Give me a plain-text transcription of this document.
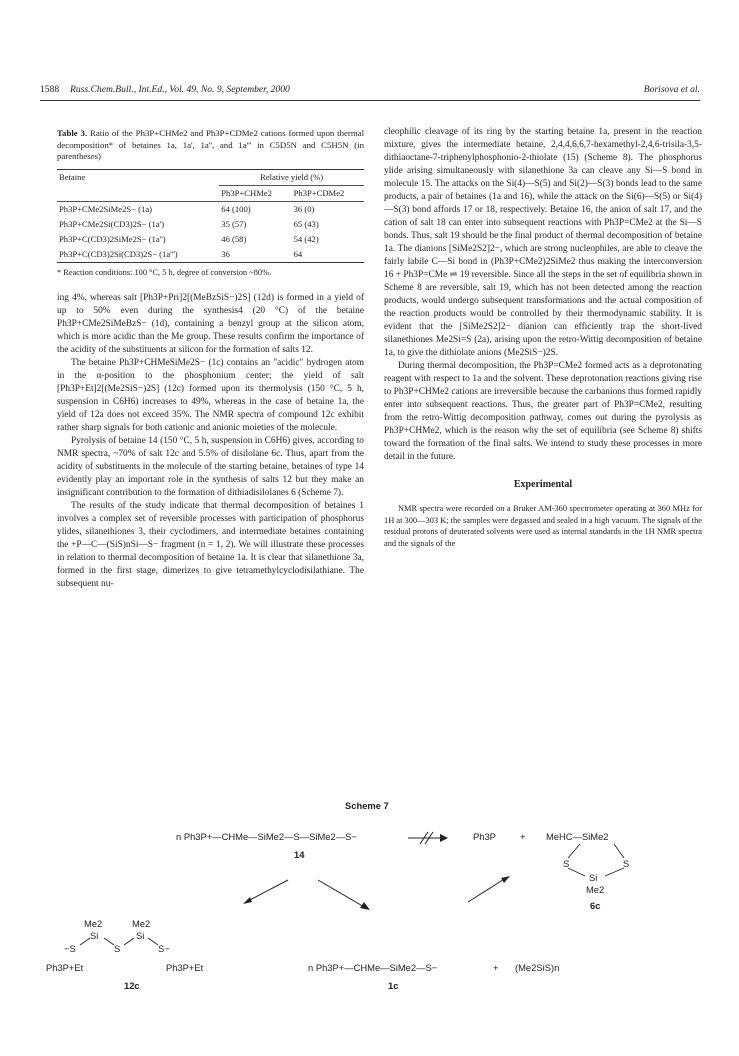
1588 Russ.Chem.Bull., Int.Ed., Vol. 49, No. 9, September, 2000	Borisova et al.
Table 3. Ratio of the Ph3P+CHMe2 and Ph3P+CDMe2 cations formed upon thermal decomposition* of betaines 1a, 1a', 1a'', and 1a''' in C5D5N and C5H5N (in parentheses)
Betaine	Relative yield (%)	
	Ph3P+CHMe2	Ph3P+CDMe2
Ph3P+CMe2SiMe2S− (1a)	64 (100)	36 (0)
Ph3P+CMe2Si(CD3)2S− (1a')	35 (57)	65 (43)
Ph3P+C(CD3)2SiMe2S− (1a'')	46 (58)	54 (42)
Ph3P+C(CD3)2Si(CD3)2S− (1a''')	36	64
* Reaction conditions: 100 °C, 5 h, degree of conversion ~80%.

ing 4%, whereas salt [Ph3P+Pri]2[(MeBzSiS−)2S] (12d) is formed in a yield of up to 50% even during the synthesis4 (20 °C) of the betaine Ph3P+CMe2SiMeBzS− (1d), containing a benzyl group at the silicon atom, which is more acidic than the Me group. These results confirm the importance of the acidity of the substituents at silicon for the formation of salts 12.

The betaine Ph3P+CHMeSiMe2S− (1c) contains an "acidic" hydrogen atom in the α-position to the phosphonium center; the yield of salt [Ph3P+Et]2[(Me2SiS−)2S] (12c) formed upon its thermolysis (150 °C, 5 h, suspension in C6H6) increases to 49%, whereas in the case of betaine 1a, the yield of 12a does not exceed 35%. The NMR spectra of compound 12c exhibit rather sharp signals for both cationic and anionic moieties of the molecule.

Pyrolysis of betaine 14 (150 °C, 5 h, suspension in C6H6) gives, according to NMR spectra, ~70% of salt 12c and 5.5% of disilolane 6c. Thus, apart from the acidity of substituents in the molecule of the starting betaine, betaines of type 14 evidently play an important role in the synthesis of salts 12 but they make an insignificant contribution to the formation of dithiadisilolanes 6 (Scheme 7).

The results of the study indicate that thermal decomposition of betaines 1 involves a complex set of reversible processes with participation of phosphorus ylides, silanethiones 3, their cyclodimers, and intermediate betaines containing the +P—C—(SiS)nSi—S− fragment (n = 1, 2). We will illustrate these processes in relation to thermal decomposition of betaine 1a. It is clear that silanethione 3a, formed in the first stage, dimerizes to give tetramethylcyclodisilathiane. The subsequent nu-

cleophilic cleavage of its ring by the starting betaine 1a, present in the reaction mixture, gives the intermediate betaine, 2,4,4,6,6,7-hexamethyl-2,4,6-trisila-3,5-dithiaoctane-7-triphenylphosphonio-2-thiolate (15) (Scheme 8). The phosphorus ylide arising simultaneously with silanethione 3a can cleave any Si—S bond in molecule 15. The attacks on the Si(4)—S(5) and Si(2)—S(3) bonds lead to the same products, a pair of betaines (1a and 16), while the attack on the Si(6)—S(5) or Si(4)—S(3) bond affords 17 or 18, respectively. Betaine 16, the anion of salt 17, and the cation of salt 18 can enter into subsequent reactions with Ph3P=CMe2 at the Si—S bonds. Thus, salt 19 should be the final product of thermal decomposition of betaine 1a. The dianions [SiMe2S2]2−, which are strong nucleophiles, are able to cleave the fairly labile C—Si bond in (Ph3P+CMe2)2SiMe2 thus making the interconversion 16 + Ph3P=CMe ⇌ 19 reversible. Since all the steps in the set of equilibria shown in Scheme 8 are reversible, salt 19, which has not been detected among the reaction products, would undergo subsequent transformations and the actual composition of the reaction products would be controlled by their thermodynamic stability. It is evident that the [SiMe2S2]2− dianion can efficiently trap the short-lived silanethiones Me2Si=S (2a), arising upon the retro-Wittig decomposition of betaine 1a, to give the dithiolate anions (Me2SiS−)2S.

During thermal decomposition, the Ph3P=CMe2 formed acts as a deprotonating reagent with respect to 1a and the solvent. These deprotonation reactions giving rise to Ph3P+CHMe2 cations are irreversible because the carbanions thus formed rapidly enter into subsequent reactions. Thus, the greater part of Ph3P=CMe2, resulting from the retro-Wittig decomposition pathway, comes out during the pyrolysis as Ph3P+CHMe2, which is the reason why the set of equilibria (see Scheme 8) shifts toward the formation of the final salts. We intend to study these processes in more detail in the future.

Experimental

NMR spectra were recorded on a Bruker AM-360 spectrometer operating at 360 MHz for 1H at 300—303 K; the samples were degassed and sealed in a high vacuum. The signals of the residual protons of deuterated solvents were used as internal standards in the 1H NMR spectra and the signals of the

Scheme 7
n Ph3P+—CHMe—SiMe2—S—SiMe2—S−
14
Ph3P	+ MeHC—SiMe2
S	S
Si
Me2
6c
Me2	Me2
Si	Si
−S	S	S−
Ph3P+Et	Ph3P+Et
12c
n Ph3P+—CHMe—SiMe2—S−	+ (Me2SiS)n
1c
